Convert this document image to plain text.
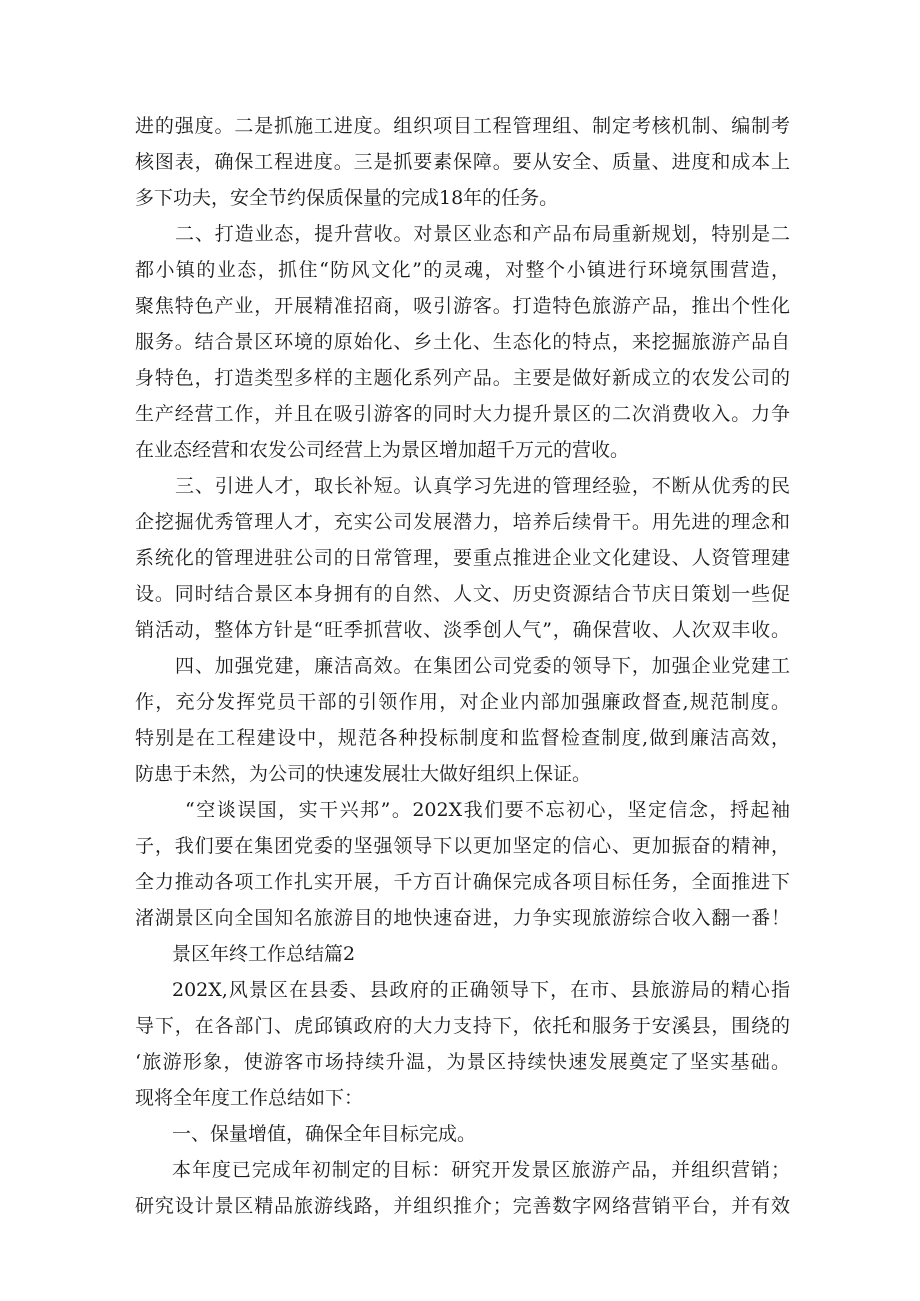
进的强度。二是抓施工进度。组织项目工程管理组、制定考核机制、编制考
核图表，确保工程进度。三是抓要素保障。要从安全、质量、进度和成本上
多下功夫，安全节约保质保量的完成18年的任务。
二、打造业态，提升营收。对景区业态和产品布局重新规划，特别是二
都小镇的业态，抓住“防风文化”的灵魂，对整个小镇进行环境氛围营造，
聚焦特色产业，开展精准招商，吸引游客。打造特色旅游产品，推出个性化
服务。结合景区环境的原始化、乡土化、生态化的特点，来挖掘旅游产品自
身特色，打造类型多样的主题化系列产品。主要是做好新成立的农发公司的
生产经营工作，并且在吸引游客的同时大力提升景区的二次消费收入。力争
在业态经营和农发公司经营上为景区增加超千万元的营收。
三、引进人才，取长补短。认真学习先进的管理经验，不断从优秀的民
企挖掘优秀管理人才，充实公司发展潜力，培养后续骨干。用先进的理念和
系统化的管理进驻公司的日常管理，要重点推进企业文化建设、人资管理建
设。同时结合景区本身拥有的自然、人文、历史资源结合节庆日策划一些促
销活动，整体方针是“旺季抓营收、淡季创人气”，确保营收、人次双丰收。
四、加强党建，廉洁高效。在集团公司党委的领导下，加强企业党建工
作，充分发挥党员干部的引领作用，对企业内部加强廉政督查,规范制度。
特别是在工程建设中，规范各种投标制度和监督检查制度,做到廉洁高效，
防患于未然，为公司的快速发展壮大做好组织上保证。
“空谈误国，实干兴邦”。202X我们要不忘初心，坚定信念，捋起袖
子，我们要在集团党委的坚强领导下以更加坚定的信心、更加振奋的精神，
全力推动各项工作扎实开展，千方百计确保完成各项目标任务，全面推进下
渚湖景区向全国知名旅游目的地快速奋进，力争实现旅游综合收入翻一番！
景区年终工作总结篇2
202X,风景区在县委、县政府的正确领导下，在市、县旅游局的精心指
导下，在各部门、虎邱镇政府的大力支持下，依托和服务于安溪县，围绕的
‘旅游形象，使游客市场持续升温，为景区持续快速发展奠定了坚实基础。
现将全年度工作总结如下：
一、保量增值，确保全年目标完成。
本年度已完成年初制定的目标：研究开发景区旅游产品，并组织营销；
研究设计景区精品旅游线路，并组织推介；完善数字网络营销平台，并有效
